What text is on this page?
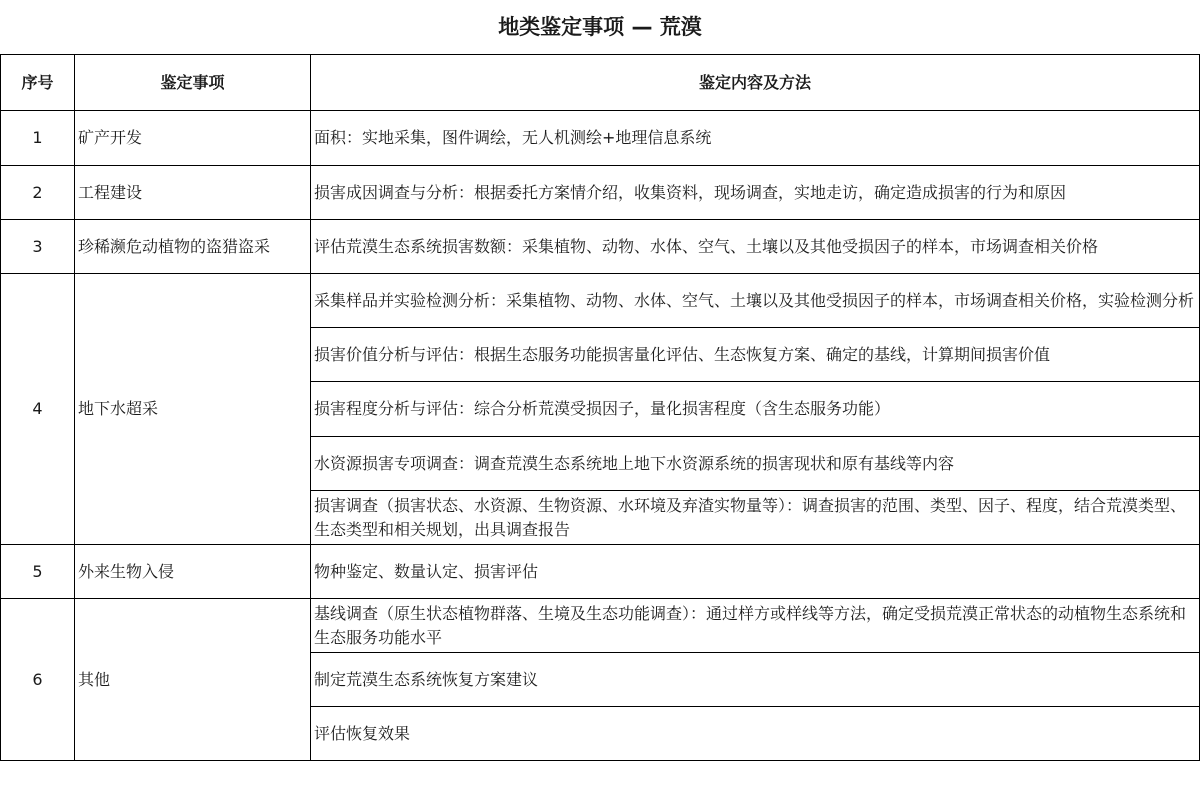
地类鉴定事项 — 荒漠		
序号	鉴定事项	鉴定内容及方法
1	矿产开发	面积：实地采集，图件调绘，无人机测绘+地理信息系统
2	工程建设	损害成因调查与分析：根据委托方案情介绍，收集资料，现场调查，实地走访，确定造成损害的行为和原因
3	珍稀濒危动植物的盗猎盗采	评估荒漠生态系统损害数额：采集植物、动物、水体、空气、土壤以及其他受损因子的样本，市场调查相关价格
4	地下水超采	采集样品并实验检测分析：采集植物、动物、水体、空气、土壤以及其他受损因子的样本，市场调查相关价格，实验检测分析
		损害价值分析与评估：根据生态服务功能损害量化评估、生态恢复方案、确定的基线，计算期间损害价值
		损害程度分析与评估：综合分析荒漠受损因子，量化损害程度（含生态服务功能）
		水资源损害专项调查：调查荒漠生态系统地上地下水资源系统的损害现状和原有基线等内容
		损害调查（损害状态、水资源、生物资源、水环境及弃渣实物量等）：调查损害的范围、类型、因子、程度，结合荒漠类型、生态类型和相关规划，出具调查报告
5	外来生物入侵	物种鉴定、数量认定、损害评估
6	其他	基线调查（原生状态植物群落、生境及生态功能调查）：通过样方或样线等方法，确定受损荒漠正常状态的动植物生态系统和生态服务功能水平
		制定荒漠生态系统恢复方案建议
		评估恢复效果
